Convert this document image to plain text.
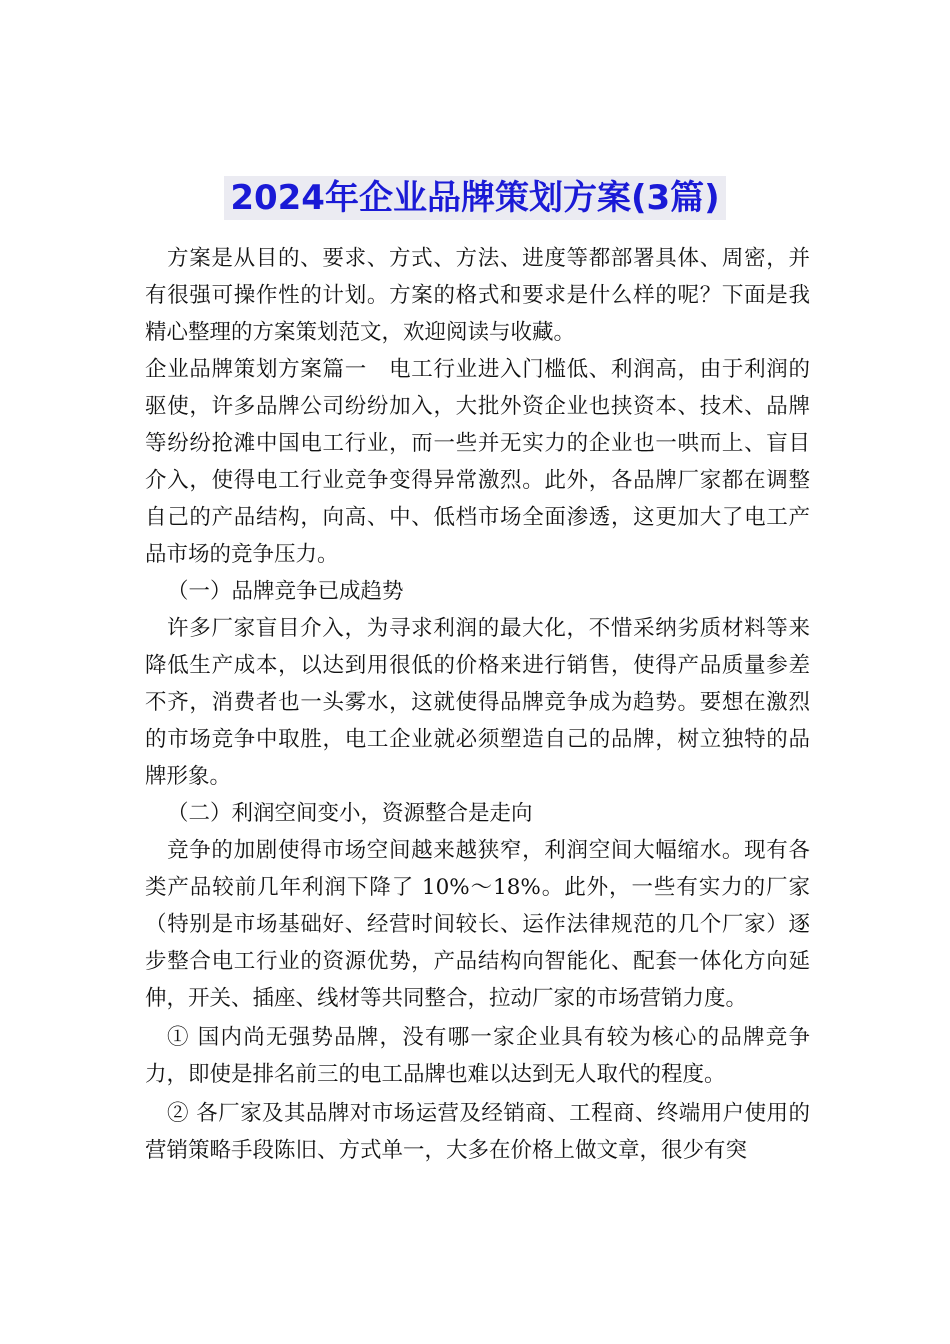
2024年企业品牌策划方案(3篇)

方案是从目的、要求、方式、方法、进度等都部署具体、周密，并有很强可操作性的计划。方案的格式和要求是什么样的呢？下面是我精心整理的方案策划范文，欢迎阅读与收藏。

企业品牌策划方案篇一　电工行业进入门槛低、利润高，由于利润的驱使，许多品牌公司纷纷加入，大批外资企业也挟资本、技术、品牌等纷纷抢滩中国电工行业，而一些并无实力的企业也一哄而上、盲目介入，使得电工行业竞争变得异常激烈。此外，各品牌厂家都在调整自己的产品结构，向高、中、低档市场全面渗透，这更加大了电工产品市场的竞争压力。

（一）品牌竞争已成趋势

许多厂家盲目介入，为寻求利润的最大化，不惜采纳劣质材料等来降低生产成本，以达到用很低的价格来进行销售，使得产品质量参差不齐，消费者也一头雾水，这就使得品牌竞争成为趋势。要想在激烈的市场竞争中取胜，电工企业就必须塑造自己的品牌，树立独特的品牌形象。

（二）利润空间变小，资源整合是走向

竞争的加剧使得市场空间越来越狭窄，利润空间大幅缩水。现有各类产品较前几年利润下降了 10%～18%。此外，一些有实力的厂家（特别是市场基础好、经营时间较长、运作法律规范的几个厂家）逐步整合电工行业的资源优势，产品结构向智能化、配套一体化方向延伸，开关、插座、线材等共同整合，拉动厂家的市场营销力度。

① 国内尚无强势品牌，没有哪一家企业具有较为核心的品牌竞争力，即使是排名前三的电工品牌也难以达到无人取代的程度。

② 各厂家及其品牌对市场运营及经销商、工程商、终端用户使用的营销策略手段陈旧、方式单一，大多在价格上做文章，很少有突
